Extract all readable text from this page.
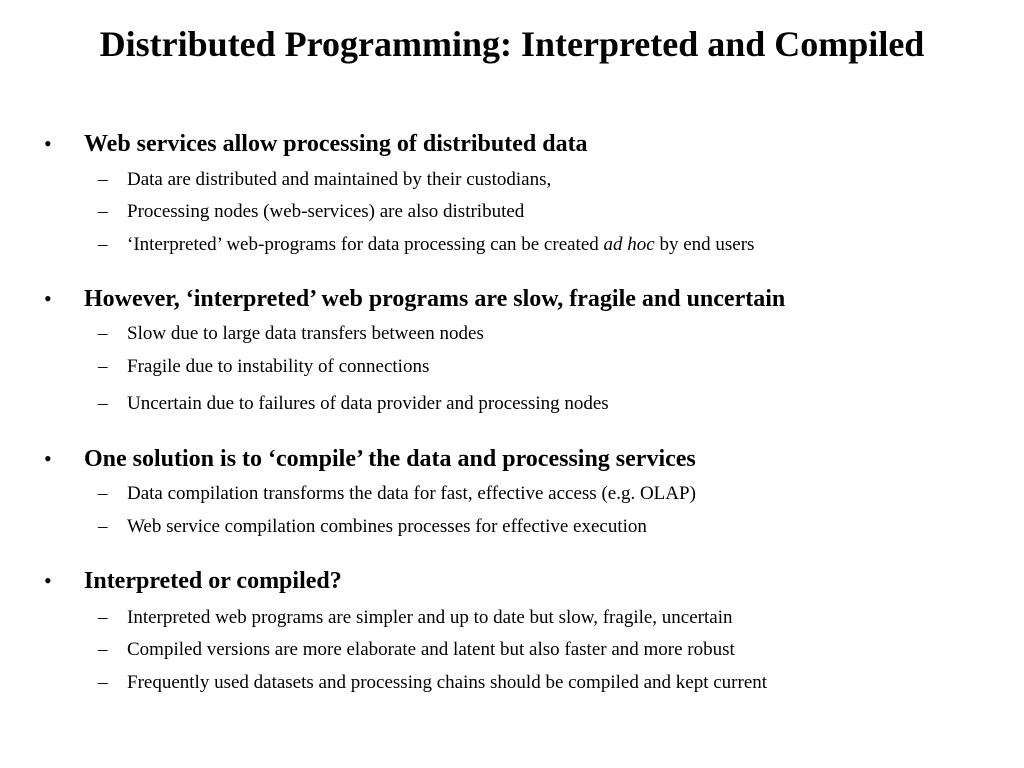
Distributed Programming: Interpreted and Compiled
• Web services allow processing of distributed data
– Data are distributed and maintained by their custodians,
– Processing nodes (web-services) are also distributed
– ‘Interpreted’ web-programs for data processing can be created ad hoc by end users
• However, ‘interpreted’ web programs are slow, fragile and uncertain
– Slow due to large data transfers between nodes
– Fragile due to instability of connections
– Uncertain due to failures of data provider and processing nodes
• One solution is to ‘compile’ the data and processing services
– Data compilation transforms the data for fast, effective access (e.g. OLAP)
– Web service compilation combines processes for effective execution
• Interpreted or compiled?
– Interpreted web programs are simpler and up to date but slow, fragile, uncertain
– Compiled versions are more elaborate and latent but also faster and more robust
– Frequently used datasets and processing chains should be compiled and kept current
